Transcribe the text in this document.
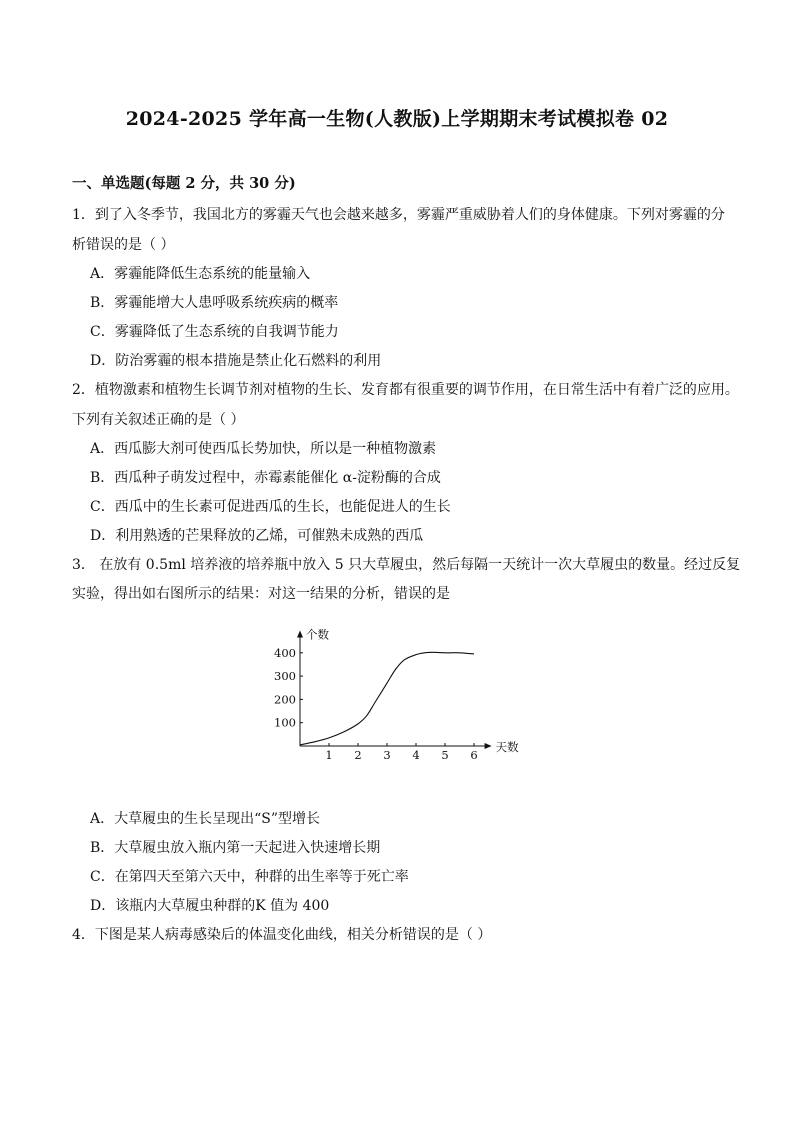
2024-2025 学年高一生物(人教版)上学期期末考试模拟卷 02
一、单选题(每题 2 分，共 30 分)
1．到了入冬季节，我国北方的雾霾天气也会越来越多，雾霾严重威胁着人们的身体健康。下列对雾霾的分
析错误的是（ ）
A．雾霾能降低生态系统的能量输入
B．雾霾能增大人患呼吸系统疾病的概率
C．雾霾降低了生态系统的自我调节能力
D．防治雾霾的根本措施是禁止化石燃料的利用
2．植物激素和植物生长调节剂对植物的生长、发育都有很重要的调节作用，在日常生活中有着广泛的应用。
下列有关叙述正确的是（ ）
A．西瓜膨大剂可使西瓜长势加快，所以是一种植物激素
B．西瓜种子萌发过程中，赤霉素能催化 α-淀粉酶的合成
C．西瓜中的生长素可促进西瓜的生长，也能促进人的生长
D．利用熟透的芒果释放的乙烯，可催熟未成熟的西瓜
3． 在放有 0.5ml 培养液的培养瓶中放入 5 只大草履虫，然后每隔一天统计一次大草履虫的数量。经过反复
实验，得出如右图所示的结果：对这一结果的分析，错误的是
个数
天数
1 2 3 4 5 6
100
200
300
400
A．大草履虫的生长呈现出“S”型增长
B．大草履虫放入瓶内第一天起进入快速增长期
C．在第四天至第六天中，种群的出生率等于死亡率
D．该瓶内大草履虫种群的K 值为 400
4．下图是某人病毒感染后的体温变化曲线，相关分析错误的是（ ）
